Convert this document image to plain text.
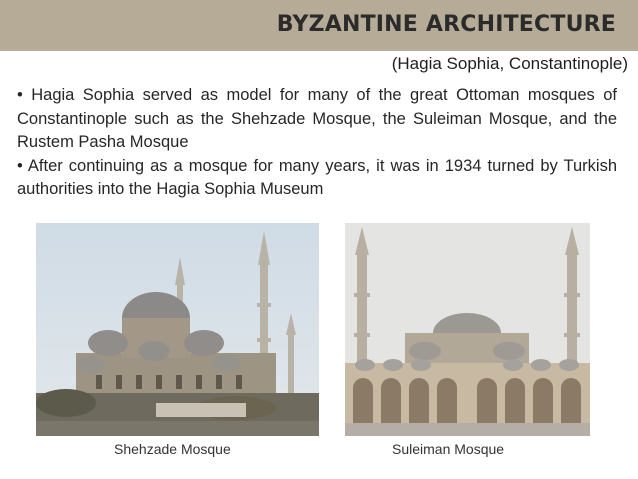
BYZANTINE ARCHITECTURE
(Hagia Sophia, Constantinople)

• Hagia Sophia served as model for many of the great Ottoman mosques of Constantinople such as the Shehzade Mosque, the Suleiman Mosque, and the Rustem Pasha Mosque

• After continuing as a mosque for many years, it was in 1934 turned by Turkish authorities into the Hagia Sophia Museum

Shehzade Mosque	Suleiman Mosque
